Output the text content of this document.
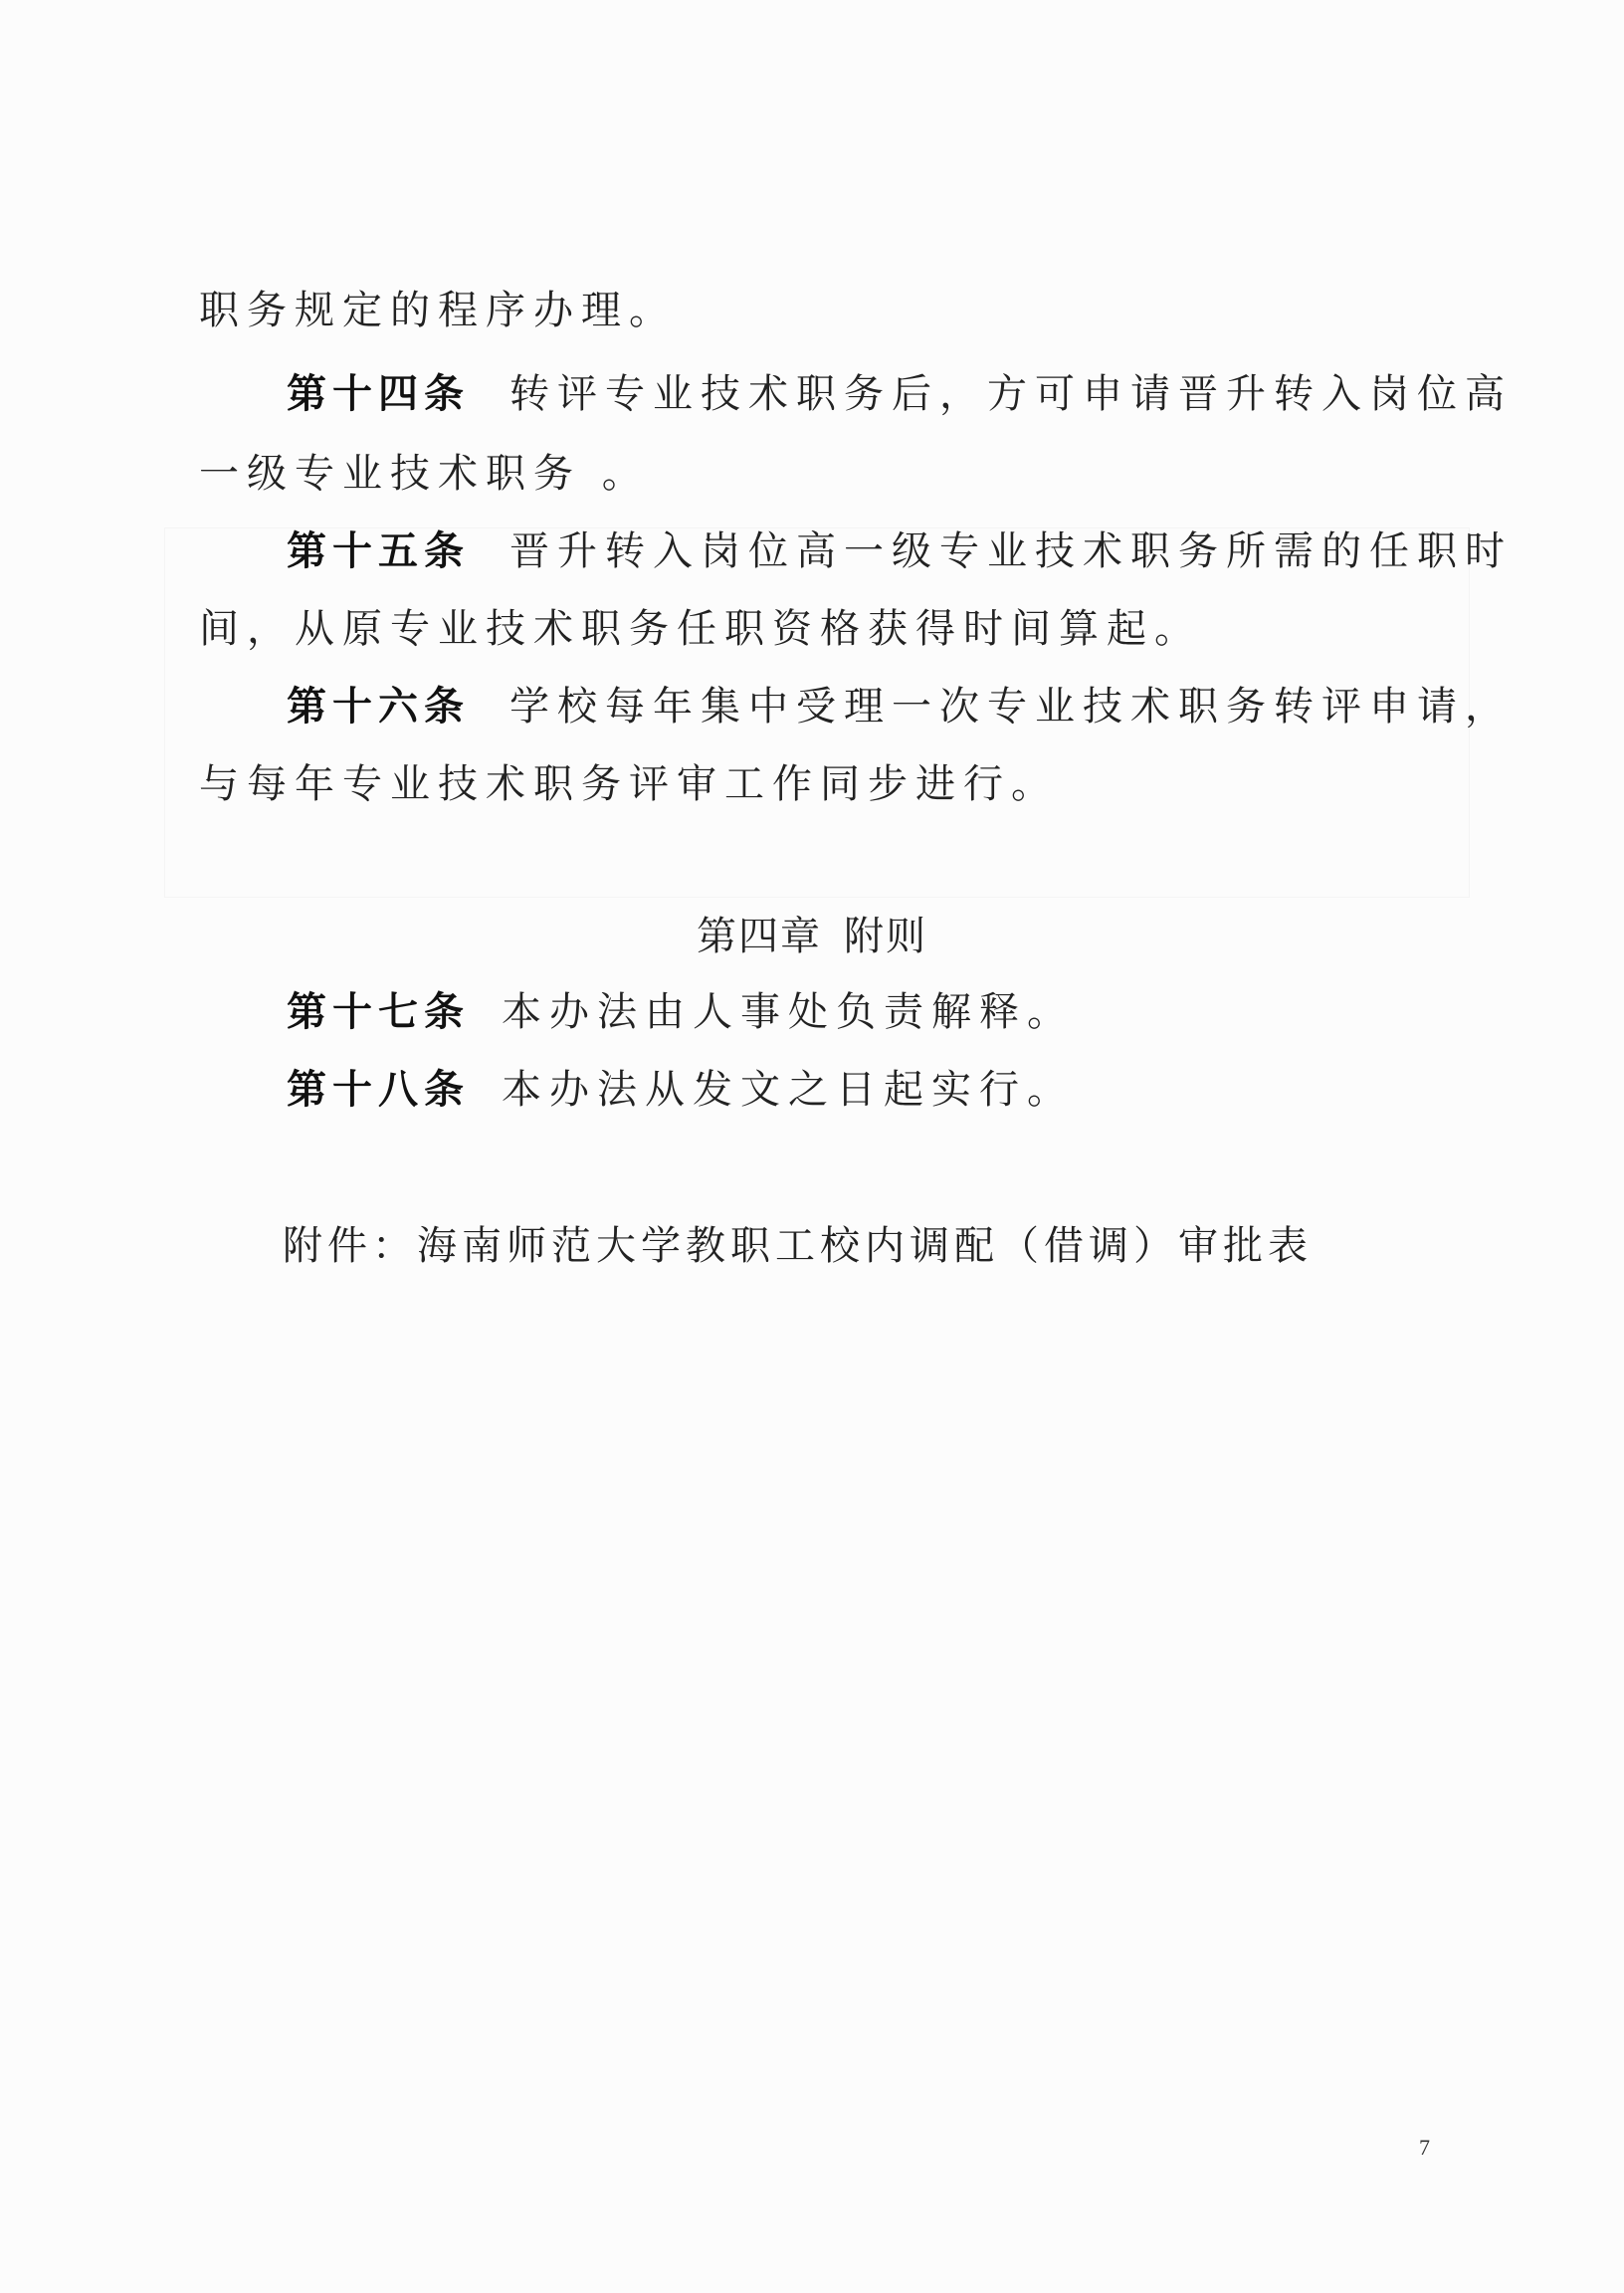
职务规定的程序办理。
第十四条 转评专业技术职务后，方可申请晋升转入岗位高
一级专业技术职务 。
第十五条 晋升转入岗位高一级专业技术职务所需的任职时
间，从原专业技术职务任职资格获得时间算起。
第十六条 学校每年集中受理一次专业技术职务转评申请，
与每年专业技术职务评审工作同步进行。
第四章 附则
第十七条 本办法由人事处负责解释。
第十八条 本办法从发文之日起实行。
附件：海南师范大学教职工校内调配（借调）审批表
7
